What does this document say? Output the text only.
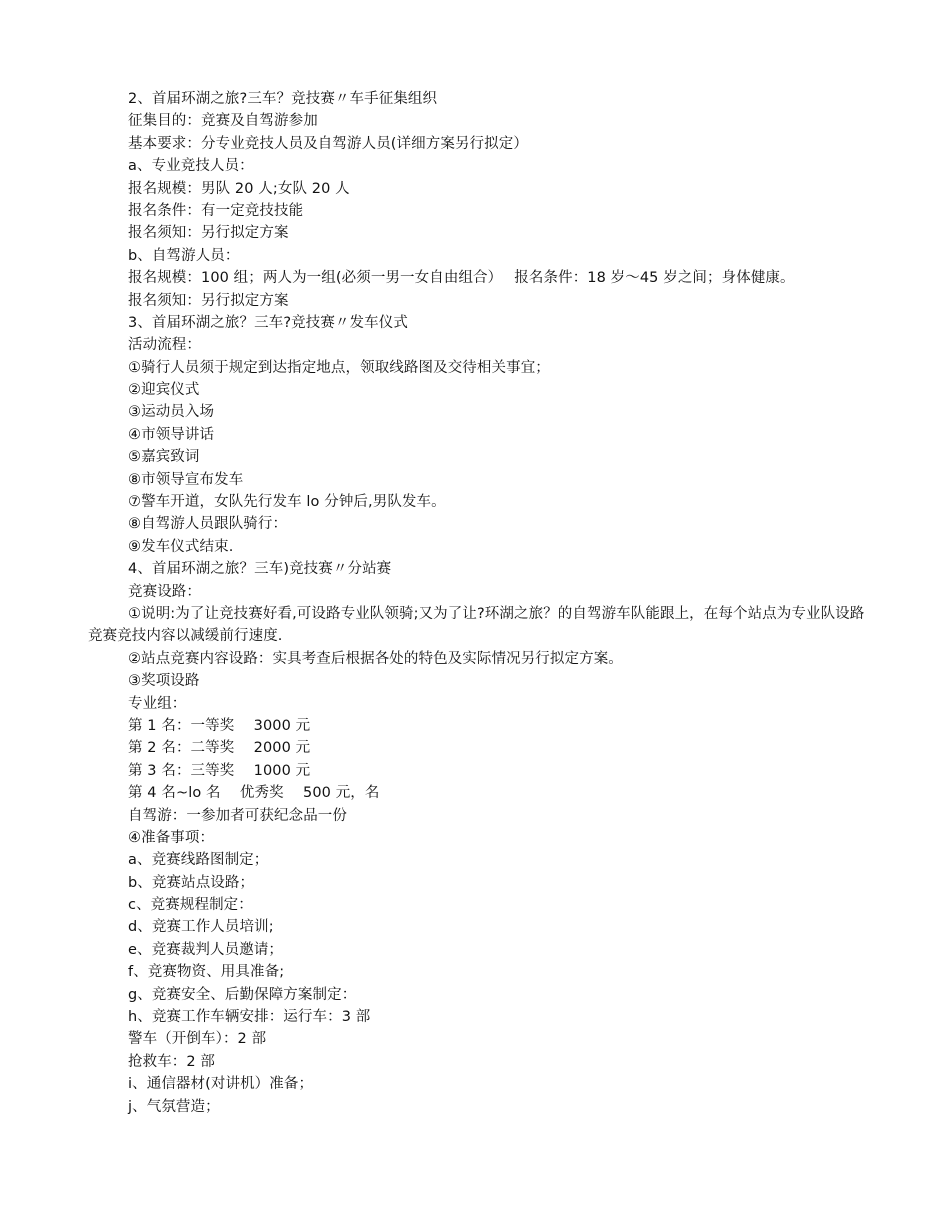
2、首届环湖之旅?三车？竞技赛〃车手征集组织
征集目的：竞赛及自驾游参加
基本要求：分专业竞技人员及自驾游人员(详细方案另行拟定）
a、专业竞技人员：
报名规模：男队 20 人;女队 20 人
报名条件：有一定竞技技能
报名须知：另行拟定方案
b、自驾游人员：
报名规模：100 组；两人为一组(必须一男一女自由组合）　 报名条件：18 岁～45 岁之间；身体健康。
报名须知：另行拟定方案
3、首届环湖之旅？三车?竞技赛〃发车仪式
活动流程：
①骑行人员须于规定到达指定地点，领取线路图及交待相关事宜；
②迎宾仪式
③运动员入场
④市领导讲话
⑤嘉宾致词
⑧市领导宣布发车
⑦警车开道，女队先行发车 lo 分钟后,男队发车。
⑧自驾游人员跟队骑行：
⑨发车仪式结束.
4、首届环湖之旅？三车)竞技赛〃分站赛
竞赛设路：
①说明:为了让竞技赛好看,可设路专业队领骑;又为了让?环湖之旅？的自驾游车队能跟上，在每个站点为专业队设路竞赛竞技内容以减缓前行速度.
②站点竞赛内容设路：实具考查后根据各处的特色及实际情况另行拟定方案。
③奖项设路
专业组：
第 1 名：一等奖　 3000 元
第 2 名：二等奖　 2000 元
第 3 名：三等奖　 1000 元
第 4 名~lo 名　 优秀奖　 500 元，名
自驾游：一参加者可获纪念品一份
④准备事项：
a、竞赛线路图制定；
b、竞赛站点设路；
c、竞赛规程制定：
d、竞赛工作人员培训;
e、竞赛裁判人员邀请；
f、竞赛物资、用具准备;
g、竞赛安全、后勤保障方案制定：
h、竞赛工作车辆安排：运行车：3 部
警车（开倒车）：2 部
抢救车：2 部
i、通信器材(对讲机）准备；
j、气氛营造；
